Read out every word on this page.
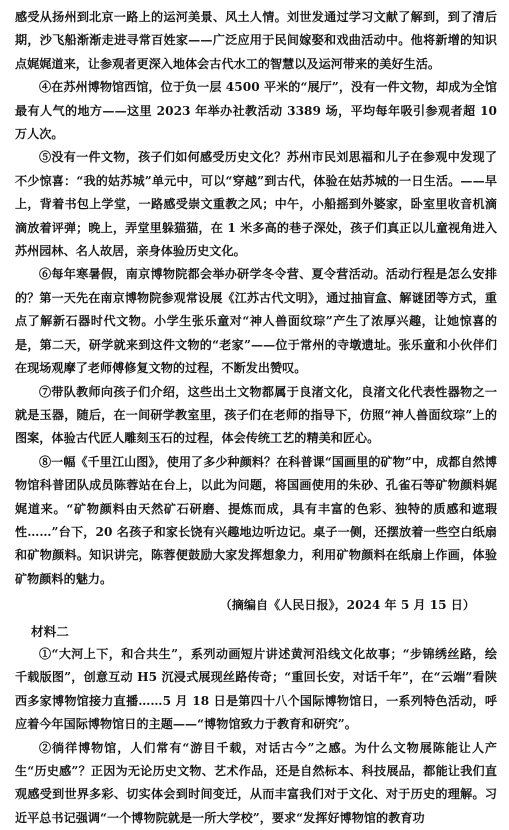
感受从扬州到北京一路上的运河美景、风土人情。刘世发通过学习文献了解到，到了清后期，沙飞船渐渐走进寻常百姓家——广泛应用于民间嫁娶和戏曲活动中。他将新增的知识点娓娓道来，让参观者更深入地体会古代水工的智慧以及运河带来的美好生活。

④在苏州博物馆西馆，位于负一层 4500 平米的“展厅”，没有一件文物，却成为全馆最有人气的地方——这里 2023 年举办社教活动 3389 场，平均每年吸引参观者超 10 万人次。

⑤没有一件文物，孩子们如何感受历史文化？苏州市民刘思福和儿子在参观中发现了不少惊喜：“我的姑苏城”单元中，可以“穿越”到古代，体验在姑苏城的一日生活。——早上，背着书包上学堂，一路感受崇文重教之风；中午，小船摇到外婆家，卧室里收音机滴滴放着评弹；晚上，弄堂里躲猫猫，在 1 米多高的巷子深处，孩子们真正以儿童视角进入苏州园林、名人故居，亲身体验历史文化。

⑥每年寒暑假，南京博物院都会举办研学冬令营、夏令营活动。活动行程是怎么安排的？第一天先在南京博物院参观常设展《江苏古代文明》，通过抽盲盒、解谜团等方式，重点了解新石器时代文物。小学生张乐童对“神人兽面纹琮”产生了浓厚兴趣，让她惊喜的是，第二天，研学就来到这件文物的“老家”——位于常州的寺墩遗址。张乐童和小伙伴们在现场观摩了老师傅修复文物的过程，不断发出赞叹。

⑦带队教师向孩子们介绍，这些出土文物都属于良渚文化，良渚文化代表性器物之一就是玉器，随后，在一间研学教室里，孩子们在老师的指导下，仿照“神人兽面纹琮”上的图案，体验古代匠人雕刻玉石的过程，体会传统工艺的精美和匠心。

⑧一幅《千里江山图》，使用了多少种颜料？在科普课“国画里的矿物”中，成都自然博物馆科普团队成员陈蓉站在台上，以此为问题，将国画使用的朱砂、孔雀石等矿物颜料娓娓道来。“矿物颜料由天然矿石研磨、提炼而成，具有丰富的色彩、独特的质感和遮瑕性……”台下，20 名孩子和家长饶有兴趣地边听边记。桌子一侧，还摆放着一些空白纸扇和矿物颜料。知识讲完，陈蓉便鼓励大家发挥想象力，利用矿物颜料在纸扇上作画，体验矿物颜料的魅力。

（摘编自《人民日报》，2024 年 5 月 15 日）

材料二

①“大河上下，和合共生”，系列动画短片讲述黄河沿线文化故事；“步锦绣丝路，绘千载版图”，创意互动 H5 沉浸式展现丝路传奇；“重回长安，对话千年”，在“云端”看陕西多家博物馆接力直播……5 月 18 日是第四十八个国际博物馆日，一系列特色活动，呼应着今年国际博物馆日的主题——“博物馆致力于教育和研究”。

②徜徉博物馆，人们常有“游目千载，对话古今”之感。为什么文物展陈能让人产生“历史感”？正因为无论历史文物、艺术作品，还是自然标本、科技展品，都能让我们直观感受到世界多彩、切实体会到时间变迁，从而丰富我们对于文化、对于历史的理解。习近平总书记强调“一个博物院就是一所大学校”，要求“发挥好博物馆的教育功
